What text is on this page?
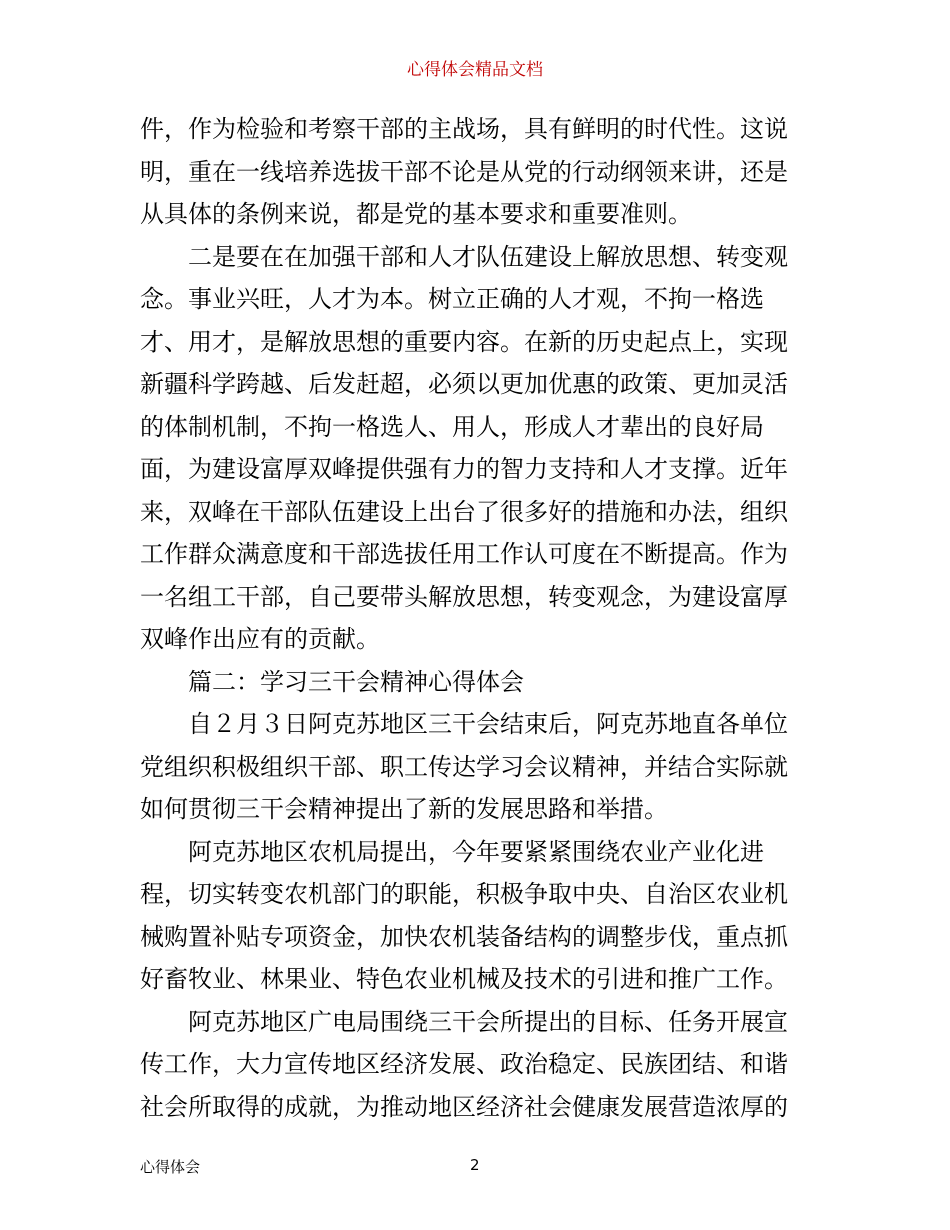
心得体会精品文档
件，作为检验和考察干部的主战场，具有鲜明的时代性。这说
明，重在一线培养选拔干部不论是从党的行动纲领来讲，还是
从具体的条例来说，都是党的基本要求和重要准则。
二是要在在加强干部和人才队伍建设上解放思想、转变观
念。事业兴旺，人才为本。树立正确的人才观，不拘一格选
才、用才，是解放思想的重要内容。在新的历史起点上，实现
新疆科学跨越、后发赶超，必须以更加优惠的政策、更加灵活
的体制机制，不拘一格选人、用人，形成人才辈出的良好局
面，为建设富厚双峰提供强有力的智力支持和人才支撑。近年
来，双峰在干部队伍建设上出台了很多好的措施和办法，组织
工作群众满意度和干部选拔任用工作认可度在不断提高。作为
一名组工干部，自己要带头解放思想，转变观念，为建设富厚
双峰作出应有的贡献。
篇二：学习三干会精神心得体会
自２月３日阿克苏地区三干会结束后，阿克苏地直各单位
党组织积极组织干部、职工传达学习会议精神，并结合实际就
如何贯彻三干会精神提出了新的发展思路和举措。
阿克苏地区农机局提出，今年要紧紧围绕农业产业化进
程，切实转变农机部门的职能，积极争取中央、自治区农业机
械购置补贴专项资金，加快农机装备结构的调整步伐，重点抓
好畜牧业、林果业、特色农业机械及技术的引进和推广工作。
阿克苏地区广电局围绕三干会所提出的目标、任务开展宣
传工作，大力宣传地区经济发展、政治稳定、民族团结、和谐
社会所取得的成就，为推动地区经济社会健康发展营造浓厚的
心得体会	2
